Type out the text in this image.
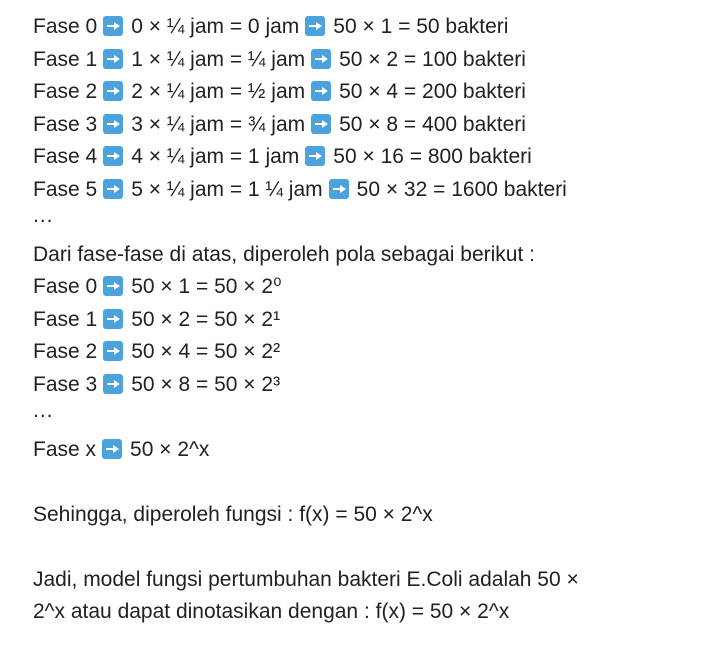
Fase 0 0 × ¼ jam = 0 jam 50 × 1 = 50 bakteri
Fase 1 1 × ¼ jam = ¼ jam 50 × 2 = 100 bakteri
Fase 2 2 × ¼ jam = ½ jam 50 × 4 = 200 bakteri
Fase 3 3 × ¼ jam = ¾ jam 50 × 8 = 400 bakteri
Fase 4 4 × ¼ jam = 1 jam 50 × 16 = 800 bakteri
Fase 5 5 × ¼ jam = 1 ¼ jam 50 × 32 = 1600 bakteri
...
Dari fase-fase di atas, diperoleh pola sebagai berikut :
Fase 0 50 × 1 = 50 × 2⁰
Fase 1 50 × 2 = 50 × 2¹
Fase 2 50 × 4 = 50 × 2²
Fase 3 50 × 8 = 50 × 2³
...
Fase x 50 × 2^x
Sehingga, diperoleh fungsi : f(x) = 50 × 2^x
Jadi, model fungsi pertumbuhan bakteri E.Coli adalah 50 ×
2^x atau dapat dinotasikan dengan : f(x) = 50 × 2^x
